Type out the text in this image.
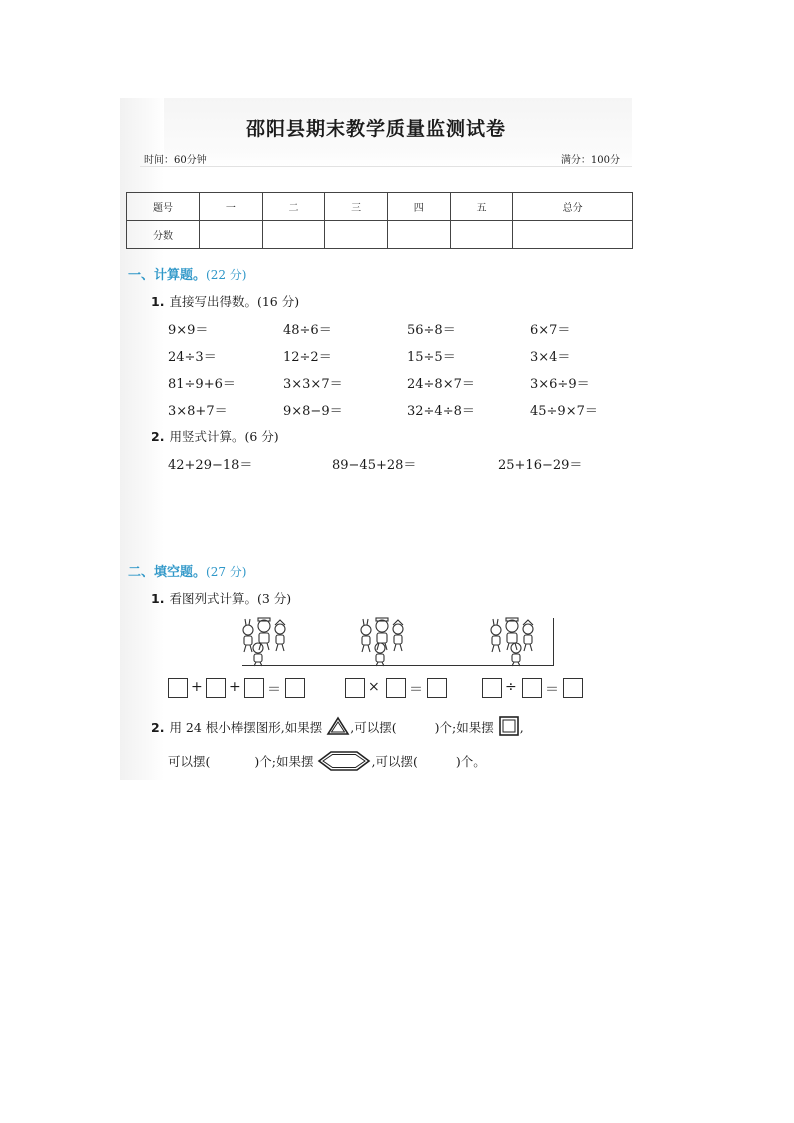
邵阳县期末教学质量监测试卷
时间：60分钟	满分：100分
题号	一	二	三	四	五	总分
分数						
一、计算题。(22 分)
1. 直接写出得数。(16 分)
9×9＝	48÷6＝	56÷8＝	6×7＝
24÷3＝	12÷2＝	15÷5＝	3×4＝
81÷9+6＝	3×3×7＝	24÷8×7＝	3×6÷9＝
3×8+7＝	9×8−9＝	32÷4÷8＝	45÷9×7＝
2. 用竖式计算。(6 分)
42+29−18＝	89−45+28＝	25+16−29＝
二、填空题。(27 分)
1. 看图列式计算。(3 分)
+ + ＝	× ＝	÷ ＝
2. 用 24 根小棒摆图形,如果摆 ,可以摆(	)个;如果摆 ,
可以摆(	)个;如果摆	,可以摆(	)个。
